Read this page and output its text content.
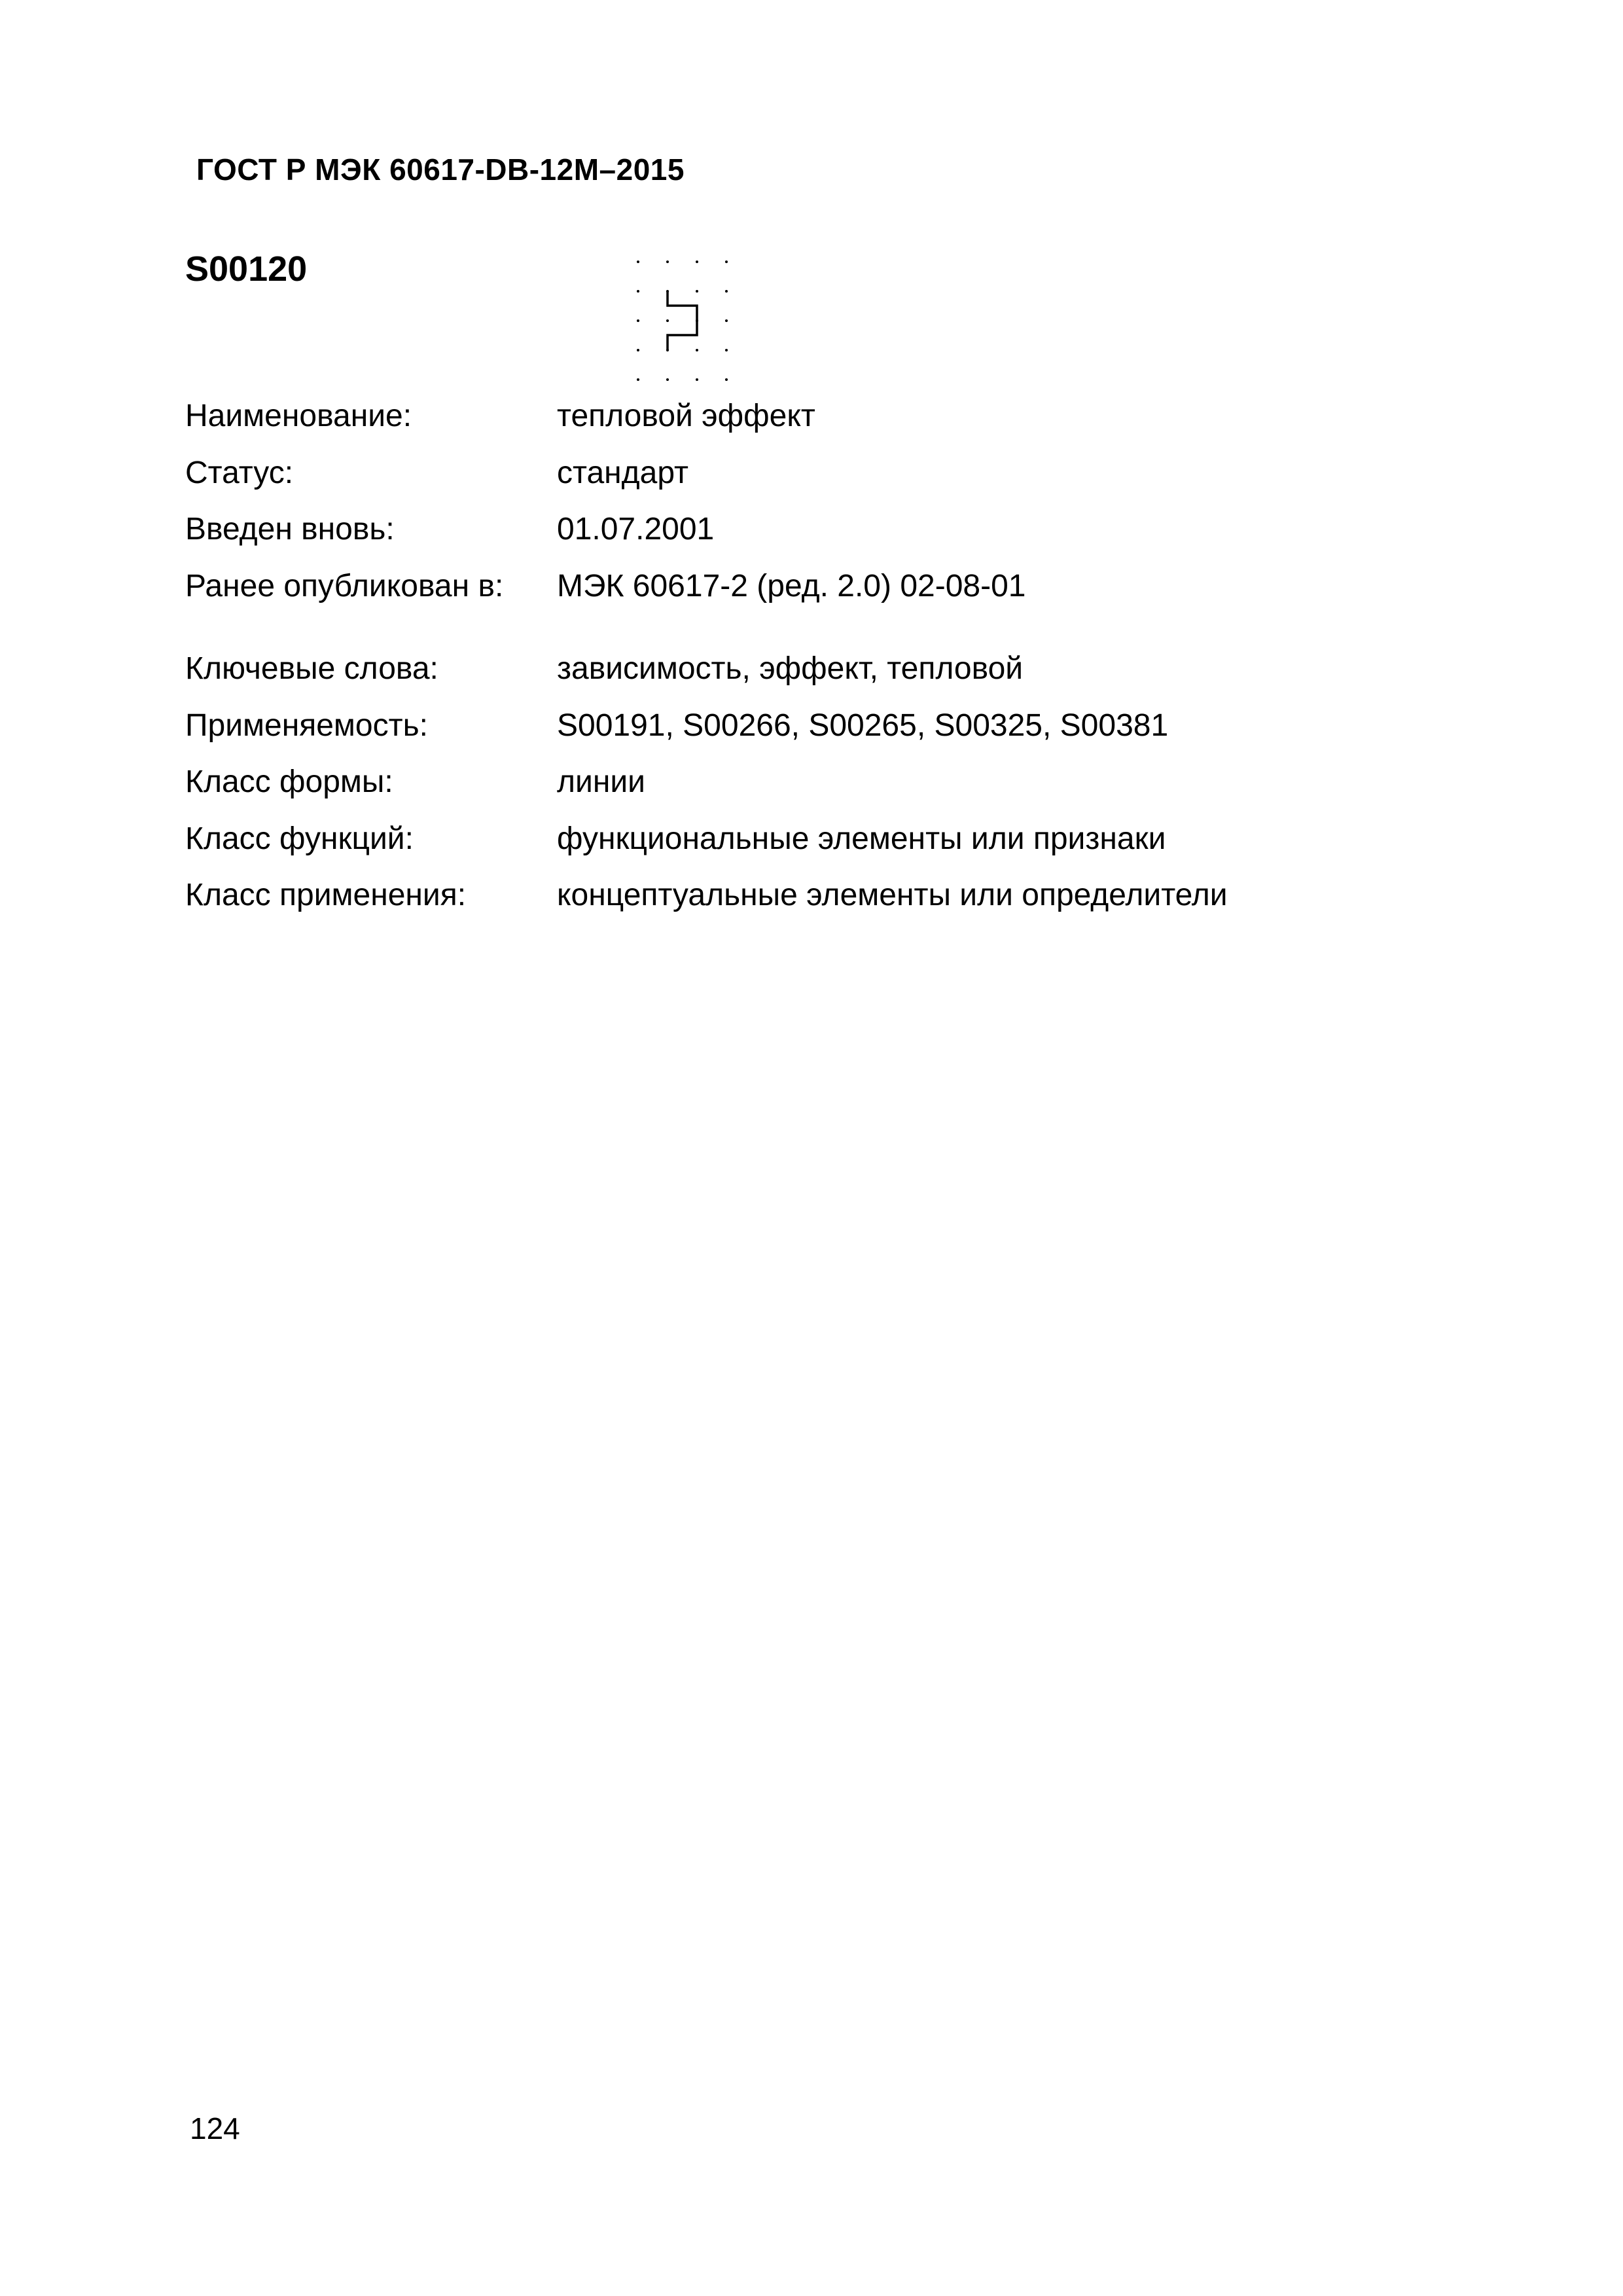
ГОСТ Р МЭК 60617-DB-12M–2015
S00120
Наименование:	тепловой эффект
Статус:	стандарт
Введен вновь:	01.07.2001
Ранее опубликован в:	МЭК 60617-2 (ред. 2.0) 02-08-01
Ключевые слова:	зависимость, эффект, тепловой
Применяемость:	S00191, S00266, S00265, S00325, S00381
Класс формы:	линии
Класс функций:	функциональные элементы или признаки
Класс применения:	концептуальные элементы или определители
124
